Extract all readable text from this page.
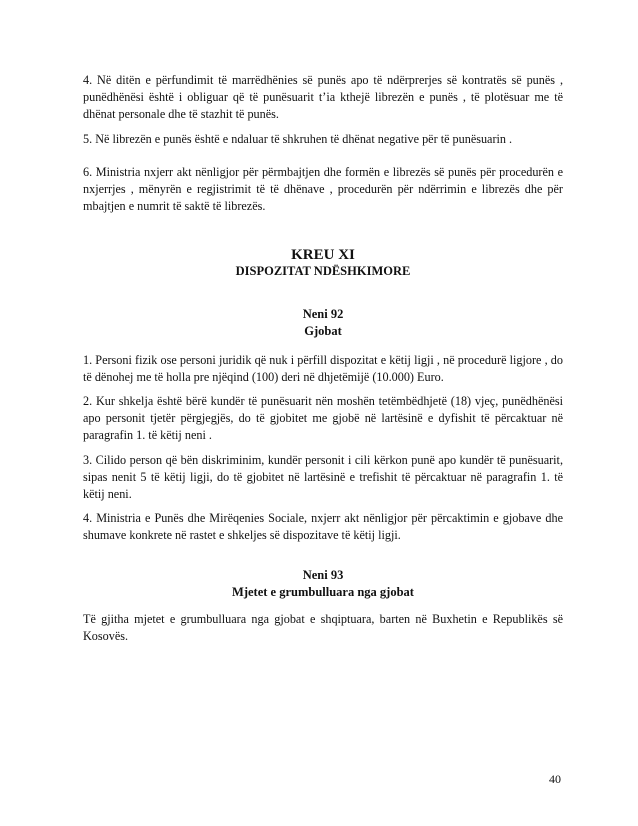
4. Në ditën e përfundimit të marrëdhënies së punës apo të ndërprerjes së kontratës së punës , punëdhënësi është i obliguar që të punësuarit t’ia kthejë librezën e punës , të plotësuar me të dhënat personale dhe të stazhit të punës.

5. Në librezën e punës është e ndaluar të shkruhen të dhënat negative për të punësuarin .

6. Ministria nxjerr akt nënligjor për përmbajtjen dhe formën e librezës së punës për procedurën e nxjerrjes , mënyrën e regjistrimit të të dhënave , procedurën për ndërrimin e librezës dhe për mbajtjen e numrit të saktë të librezës.

KREU XI

DISPOZITAT NDËSHKIMORE

Neni 92

Gjobat

1. Personi fizik ose personi juridik që nuk i përfill dispozitat e këtij ligji , në procedurë ligjore , do të dënohej me të holla pre njëqind (100) deri në dhjetëmijë (10.000) Euro.

2. Kur shkelja është bërë kundër të punësuarit nën moshën tetëmbëdhjetë (18) vjeç, punëdhënësi apo personit tjetër përgjegjës, do të gjobitet me gjobë në lartësinë e dyfishit të përcaktuar në paragrafin 1. të këtij neni .

3. Cilido person që bën diskriminim, kundër personit i cili kërkon punë apo kundër të punësuarit, sipas nenit 5 të këtij ligji, do të gjobitet në lartësinë e trefishit të përcaktuar në paragrafin 1. të këtij neni.

4. Ministria e Punës dhe Mirëqenies Sociale, nxjerr akt nënligjor për përcaktimin e gjobave dhe shumave konkrete në rastet e shkeljes së dispozitave të këtij ligji.

Neni 93

Mjetet e grumbulluara nga gjobat

Të gjitha mjetet e grumbulluara nga gjobat e shqiptuara, barten në Buxhetin e Republikës së Kosovës.

40
